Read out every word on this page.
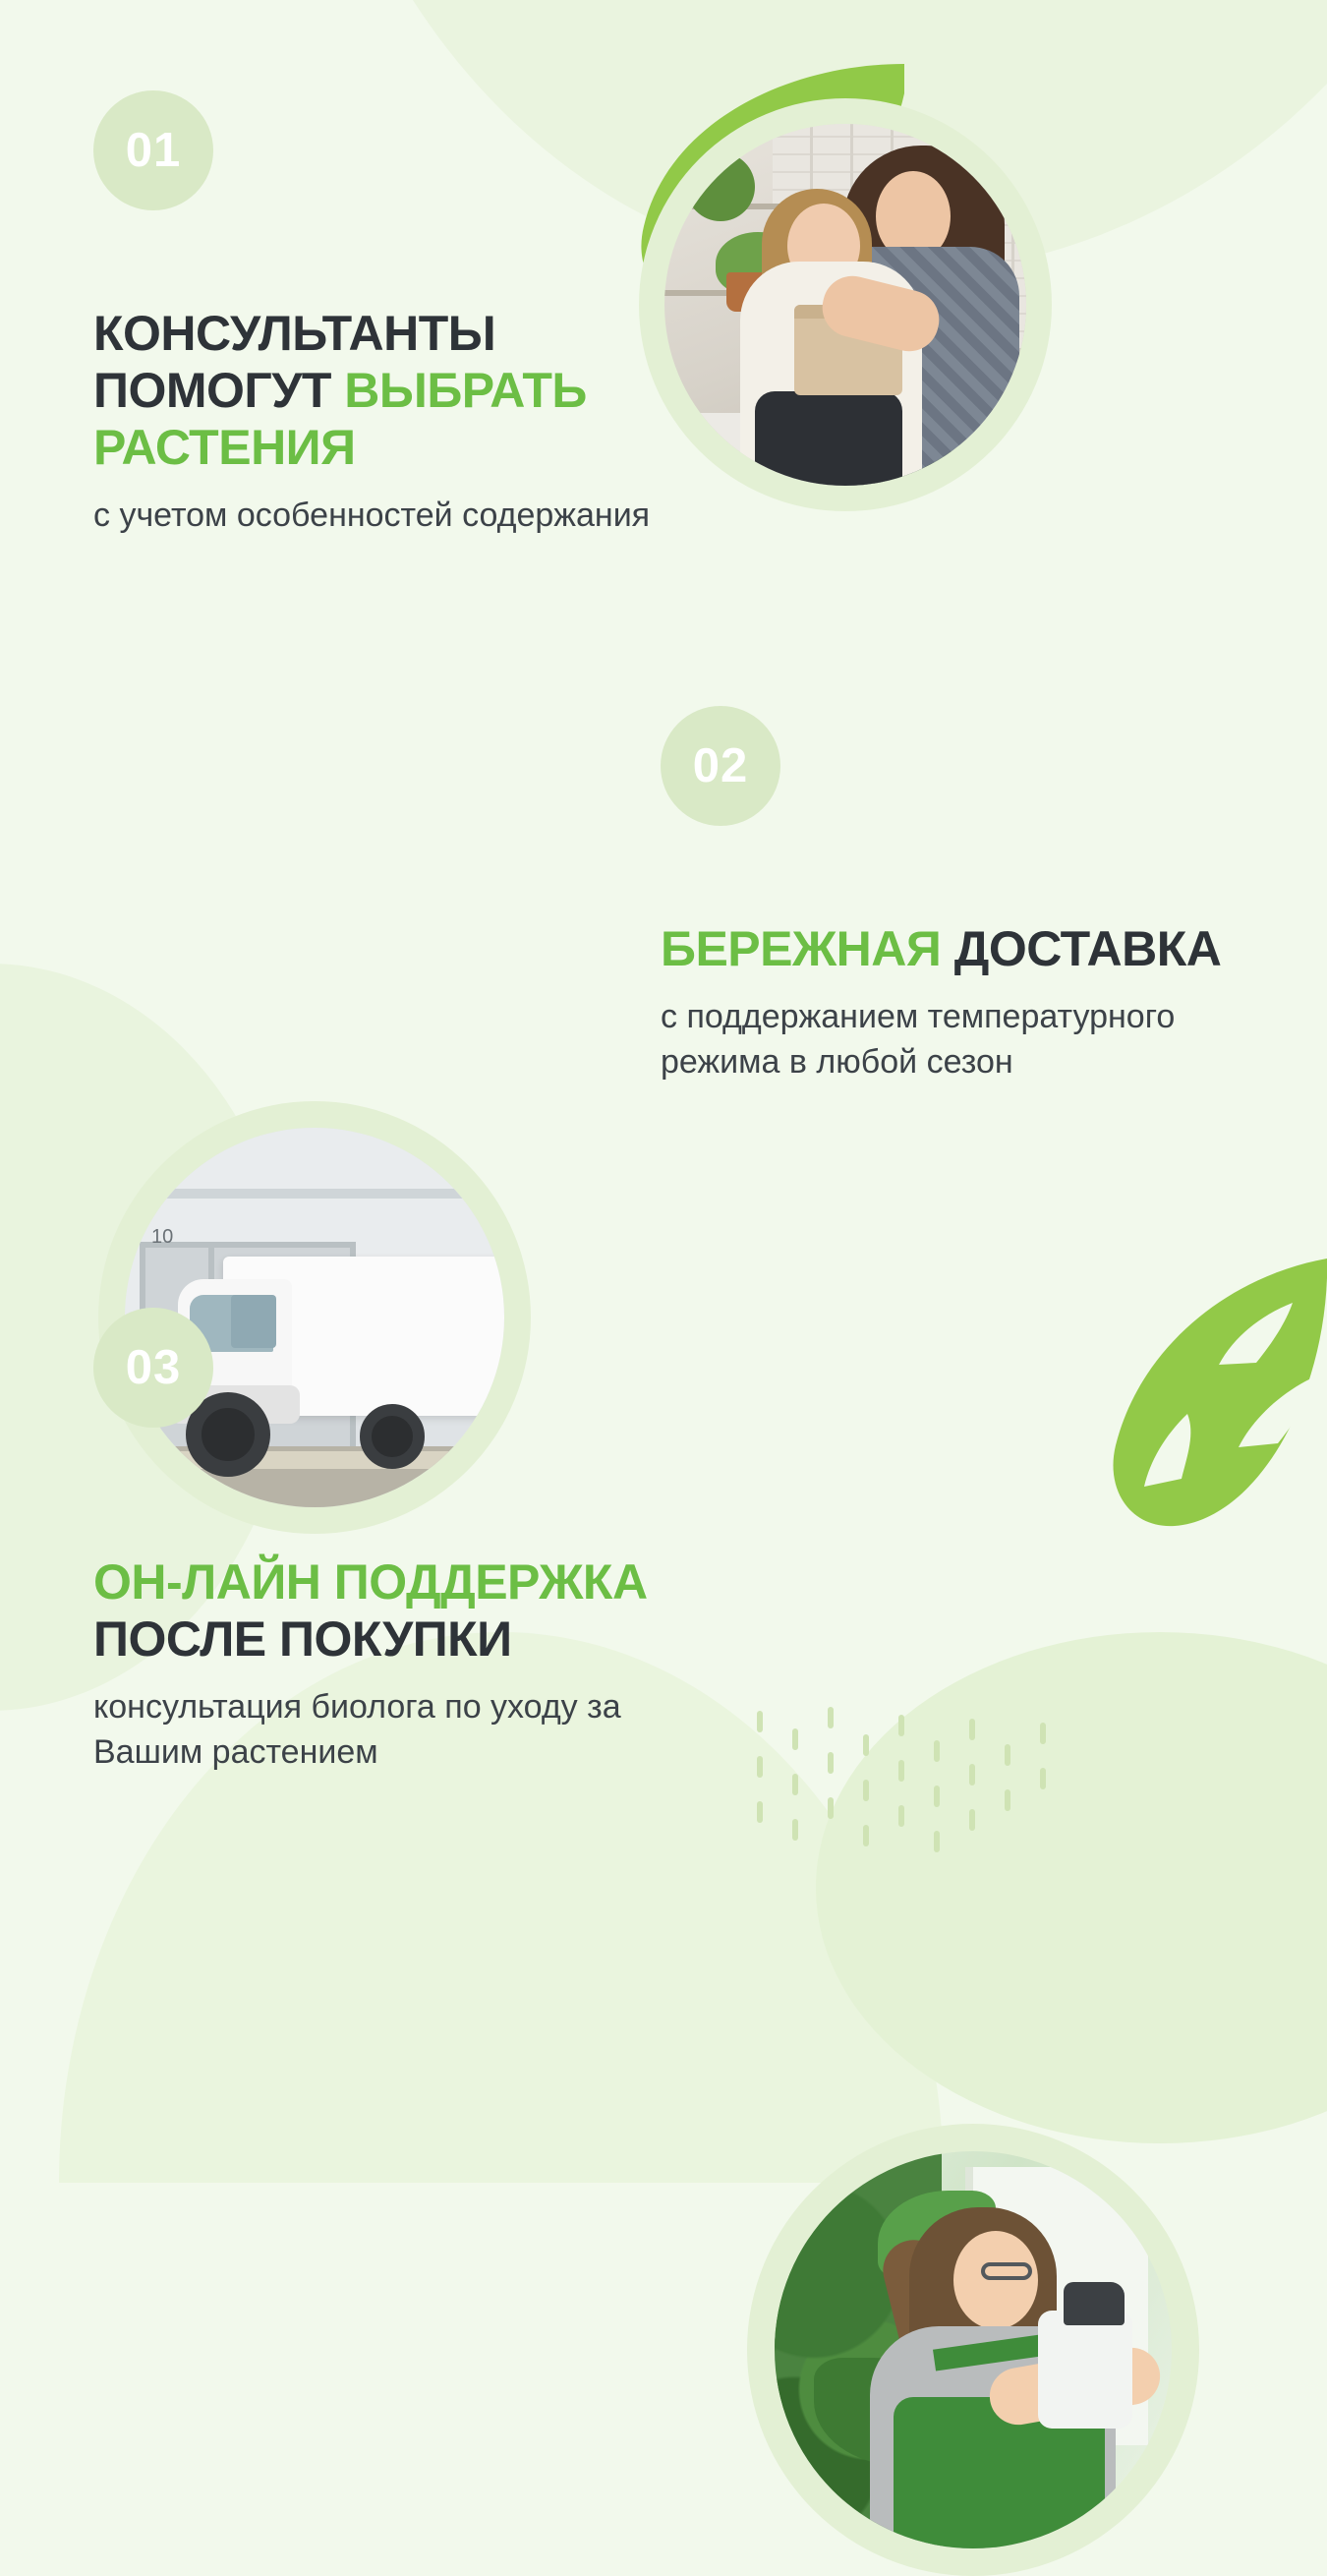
01
КОНСУЛЬТАНТЫ ПОМОГУТ ВЫБРАТЬ РАСТЕНИЯ

с учетом особенностей содержания

10
02
БЕРЕЖНАЯ ДОСТАВКА

с поддержанием температурного режима в любой сезон

03
ОН-ЛАЙН ПОДДЕРЖКА ПОСЛЕ ПОКУПКИ

консультация биолога по уходу за Вашим растением
